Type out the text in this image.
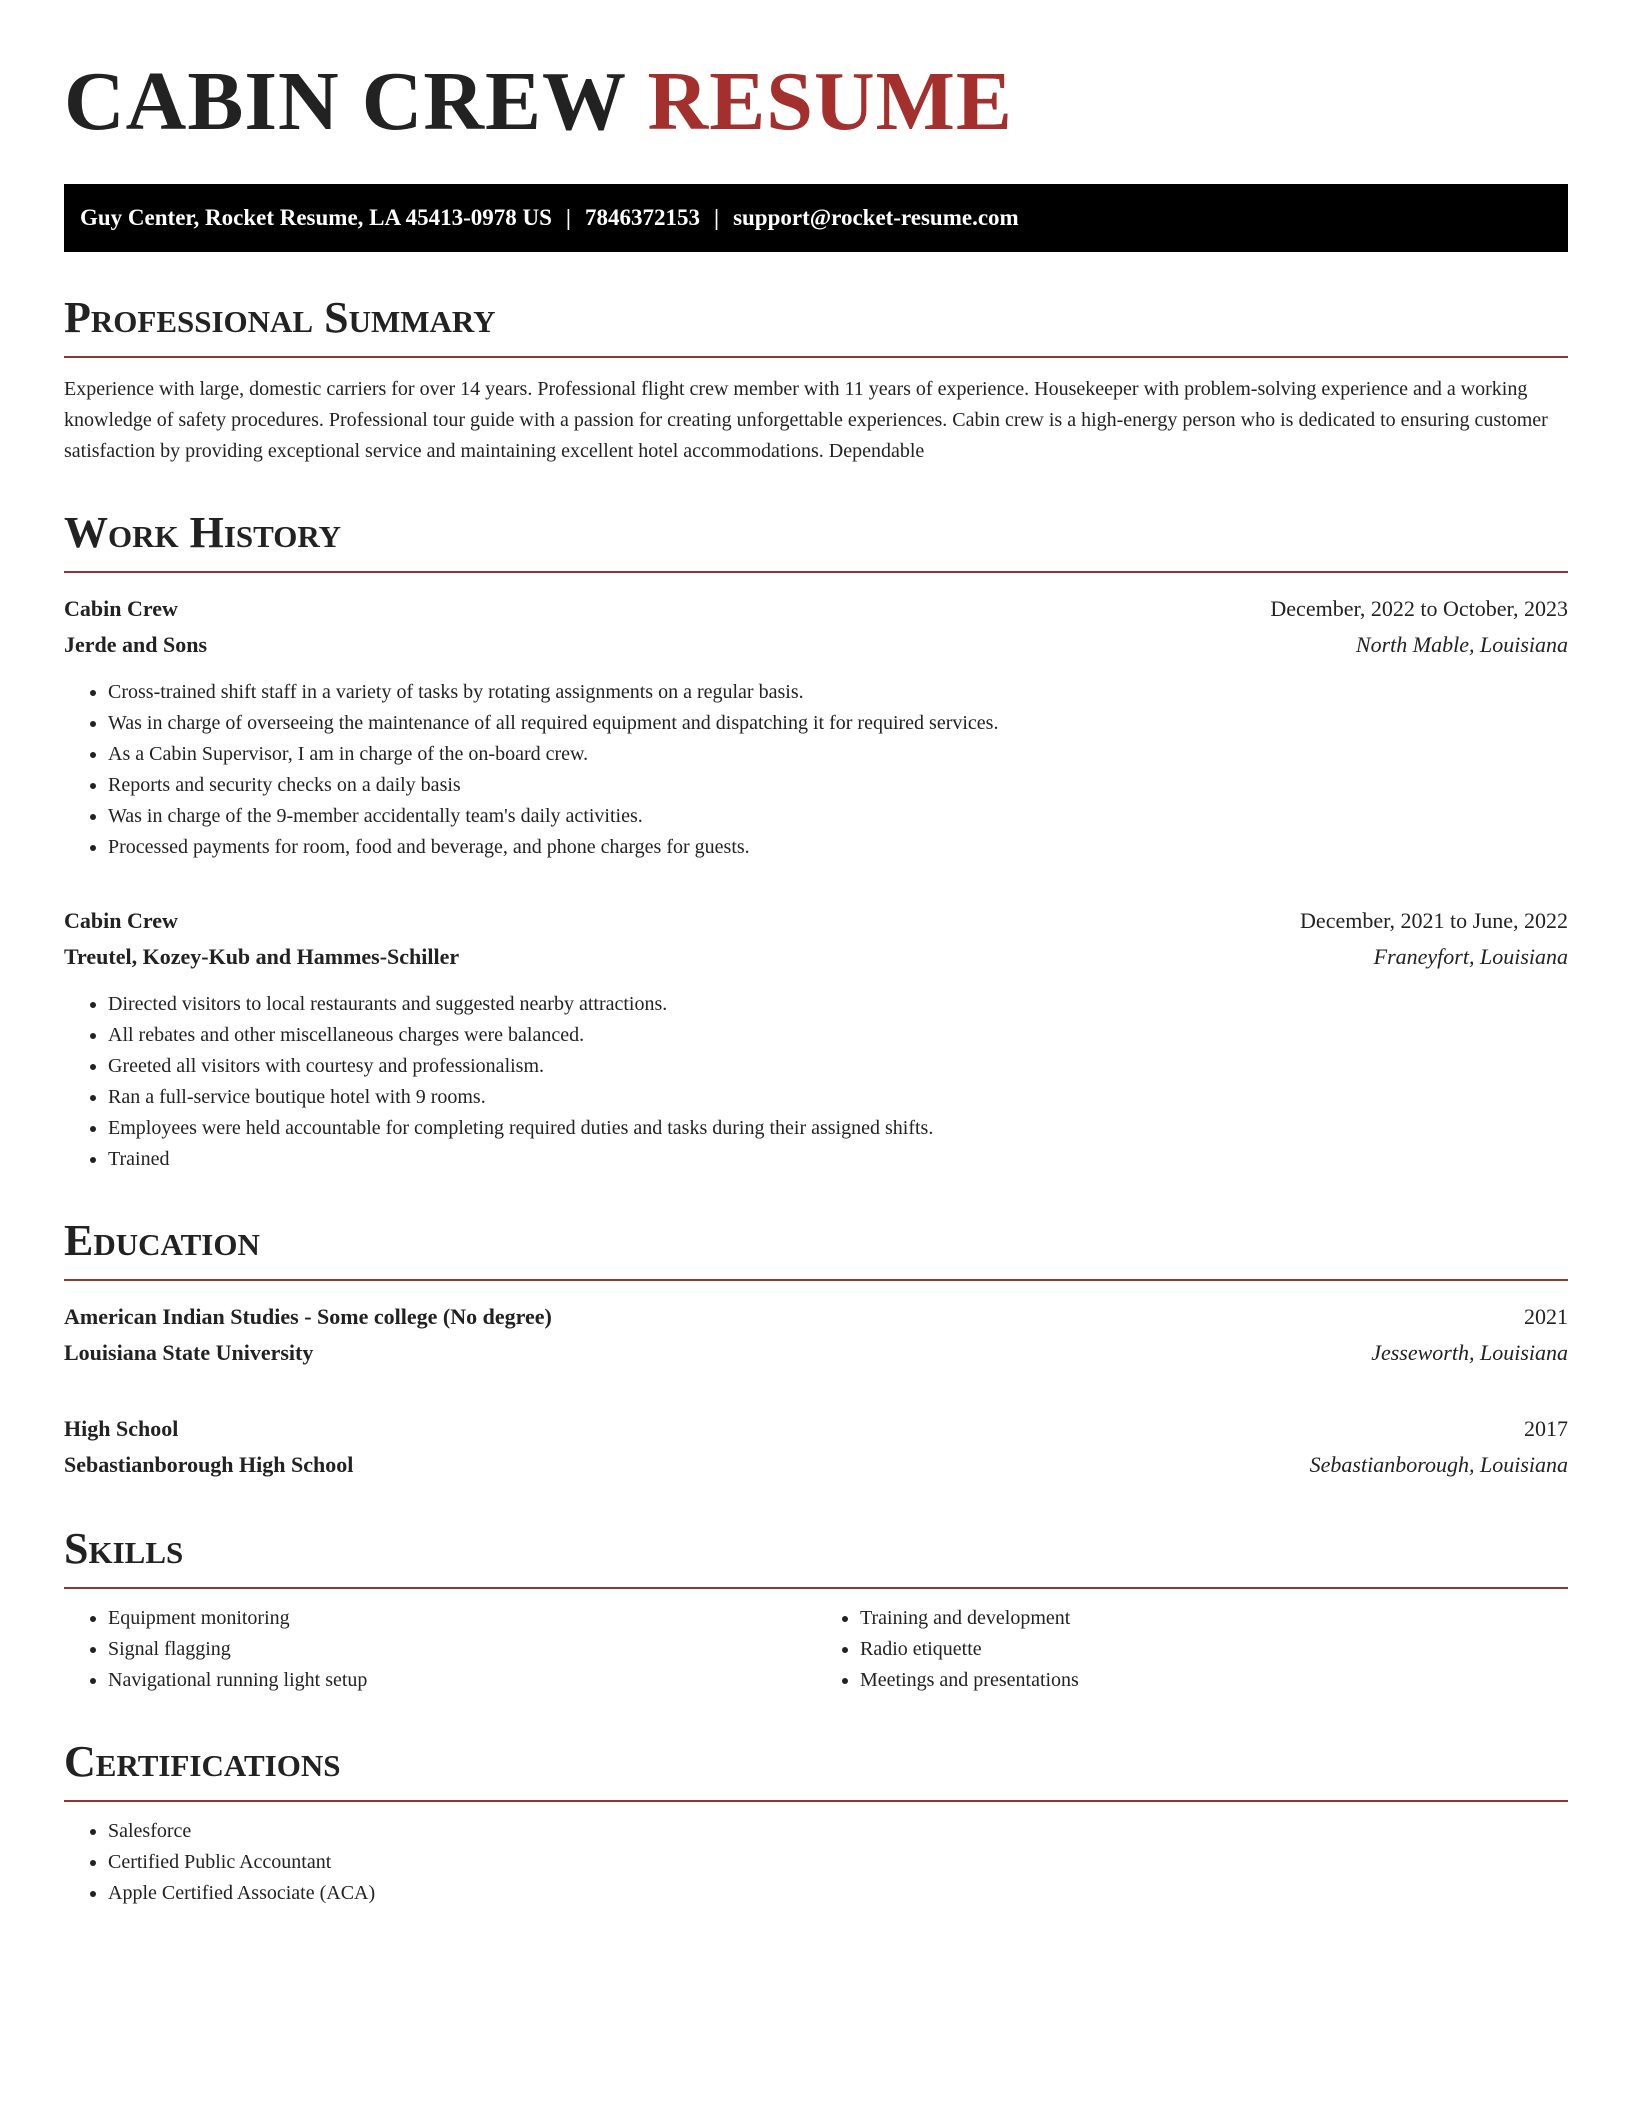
CABIN CREW RESUME
Guy Center, Rocket Resume, LA 45413-0978 US | 7846372153 | support@rocket-resume.com
Professional Summary
Experience with large, domestic carriers for over 14 years. Professional flight crew member with 11 years of experience. Housekeeper with problem-solving experience and a working knowledge of safety procedures. Professional tour guide with a passion for creating unforgettable experiences. Cabin crew is a high-energy person who is dedicated to ensuring customer satisfaction by providing exceptional service and maintaining excellent hotel accommodations. Dependable
Work History
Cabin Crew	December, 2022 to October, 2023
Jerde and Sons	North Mable, Louisiana
• Cross-trained shift staff in a variety of tasks by rotating assignments on a regular basis.
• Was in charge of overseeing the maintenance of all required equipment and dispatching it for required services.
• As a Cabin Supervisor, I am in charge of the on-board crew.
• Reports and security checks on a daily basis
• Was in charge of the 9-member accidentally team's daily activities.
• Processed payments for room, food and beverage, and phone charges for guests.
Cabin Crew	December, 2021 to June, 2022
Treutel, Kozey-Kub and Hammes-Schiller	Franeyfort, Louisiana
• Directed visitors to local restaurants and suggested nearby attractions.
• All rebates and other miscellaneous charges were balanced.
• Greeted all visitors with courtesy and professionalism.
• Ran a full-service boutique hotel with 9 rooms.
• Employees were held accountable for completing required duties and tasks during their assigned shifts.
• Trained
Education
American Indian Studies - Some college (No degree)	2021
Louisiana State University	Jesseworth, Louisiana
High School	2017
Sebastianborough High School	Sebastianborough, Louisiana
Skills
• Equipment monitoring
• Signal flagging
• Navigational running light setup
• Training and development
• Radio etiquette
• Meetings and presentations
Certifications
• Salesforce
• Certified Public Accountant
• Apple Certified Associate (ACA)
